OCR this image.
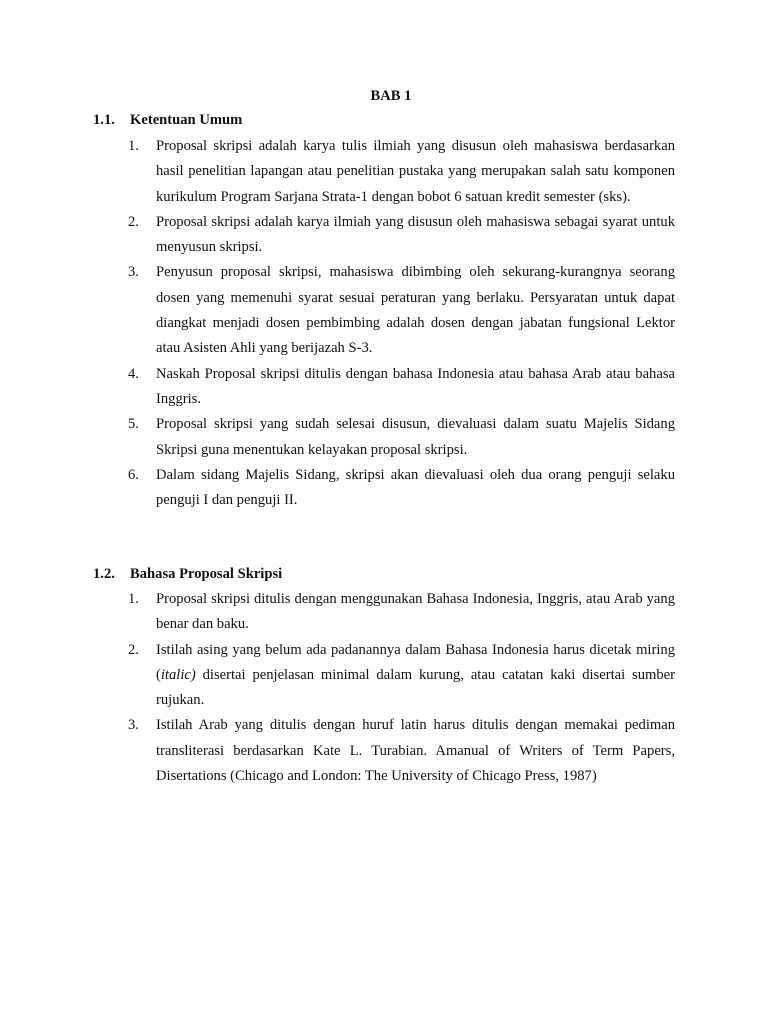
BAB 1
1.1. Ketentuan Umum
1. Proposal skripsi adalah karya tulis ilmiah yang disusun oleh mahasiswa berdasarkan hasil penelitian lapangan atau penelitian pustaka yang merupakan salah satu komponen kurikulum Program Sarjana Strata-1 dengan bobot 6 satuan kredit semester (sks).
2. Proposal skripsi adalah karya ilmiah yang disusun oleh mahasiswa sebagai syarat untuk menyusun skripsi.
3. Penyusun proposal skripsi, mahasiswa dibimbing oleh sekurang-kurangnya seorang dosen yang memenuhi syarat sesuai peraturan yang berlaku. Persyaratan untuk dapat diangkat menjadi dosen pembimbing adalah dosen dengan jabatan fungsional Lektor atau Asisten Ahli yang berijazah S-3.
4. Naskah Proposal skripsi ditulis dengan bahasa Indonesia atau bahasa Arab atau bahasa Inggris.
5. Proposal skripsi yang sudah selesai disusun, dievaluasi dalam suatu Majelis Sidang Skripsi guna menentukan kelayakan proposal skripsi.
6. Dalam sidang Majelis Sidang, skripsi akan dievaluasi oleh dua orang penguji selaku penguji I dan penguji II.
1.2. Bahasa Proposal Skripsi
1. Proposal skripsi ditulis dengan menggunakan Bahasa Indonesia, Inggris, atau Arab yang benar dan baku.
2. Istilah asing yang belum ada padanannya dalam Bahasa Indonesia harus dicetak miring (italic) disertai penjelasan minimal dalam kurung, atau catatan kaki disertai sumber rujukan.
3. Istilah Arab yang ditulis dengan huruf latin harus ditulis dengan memakai pediman transliterasi berdasarkan Kate L. Turabian. Amanual of Writers of Term Papers, Disertations (Chicago and London: The University of Chicago Press, 1987)
